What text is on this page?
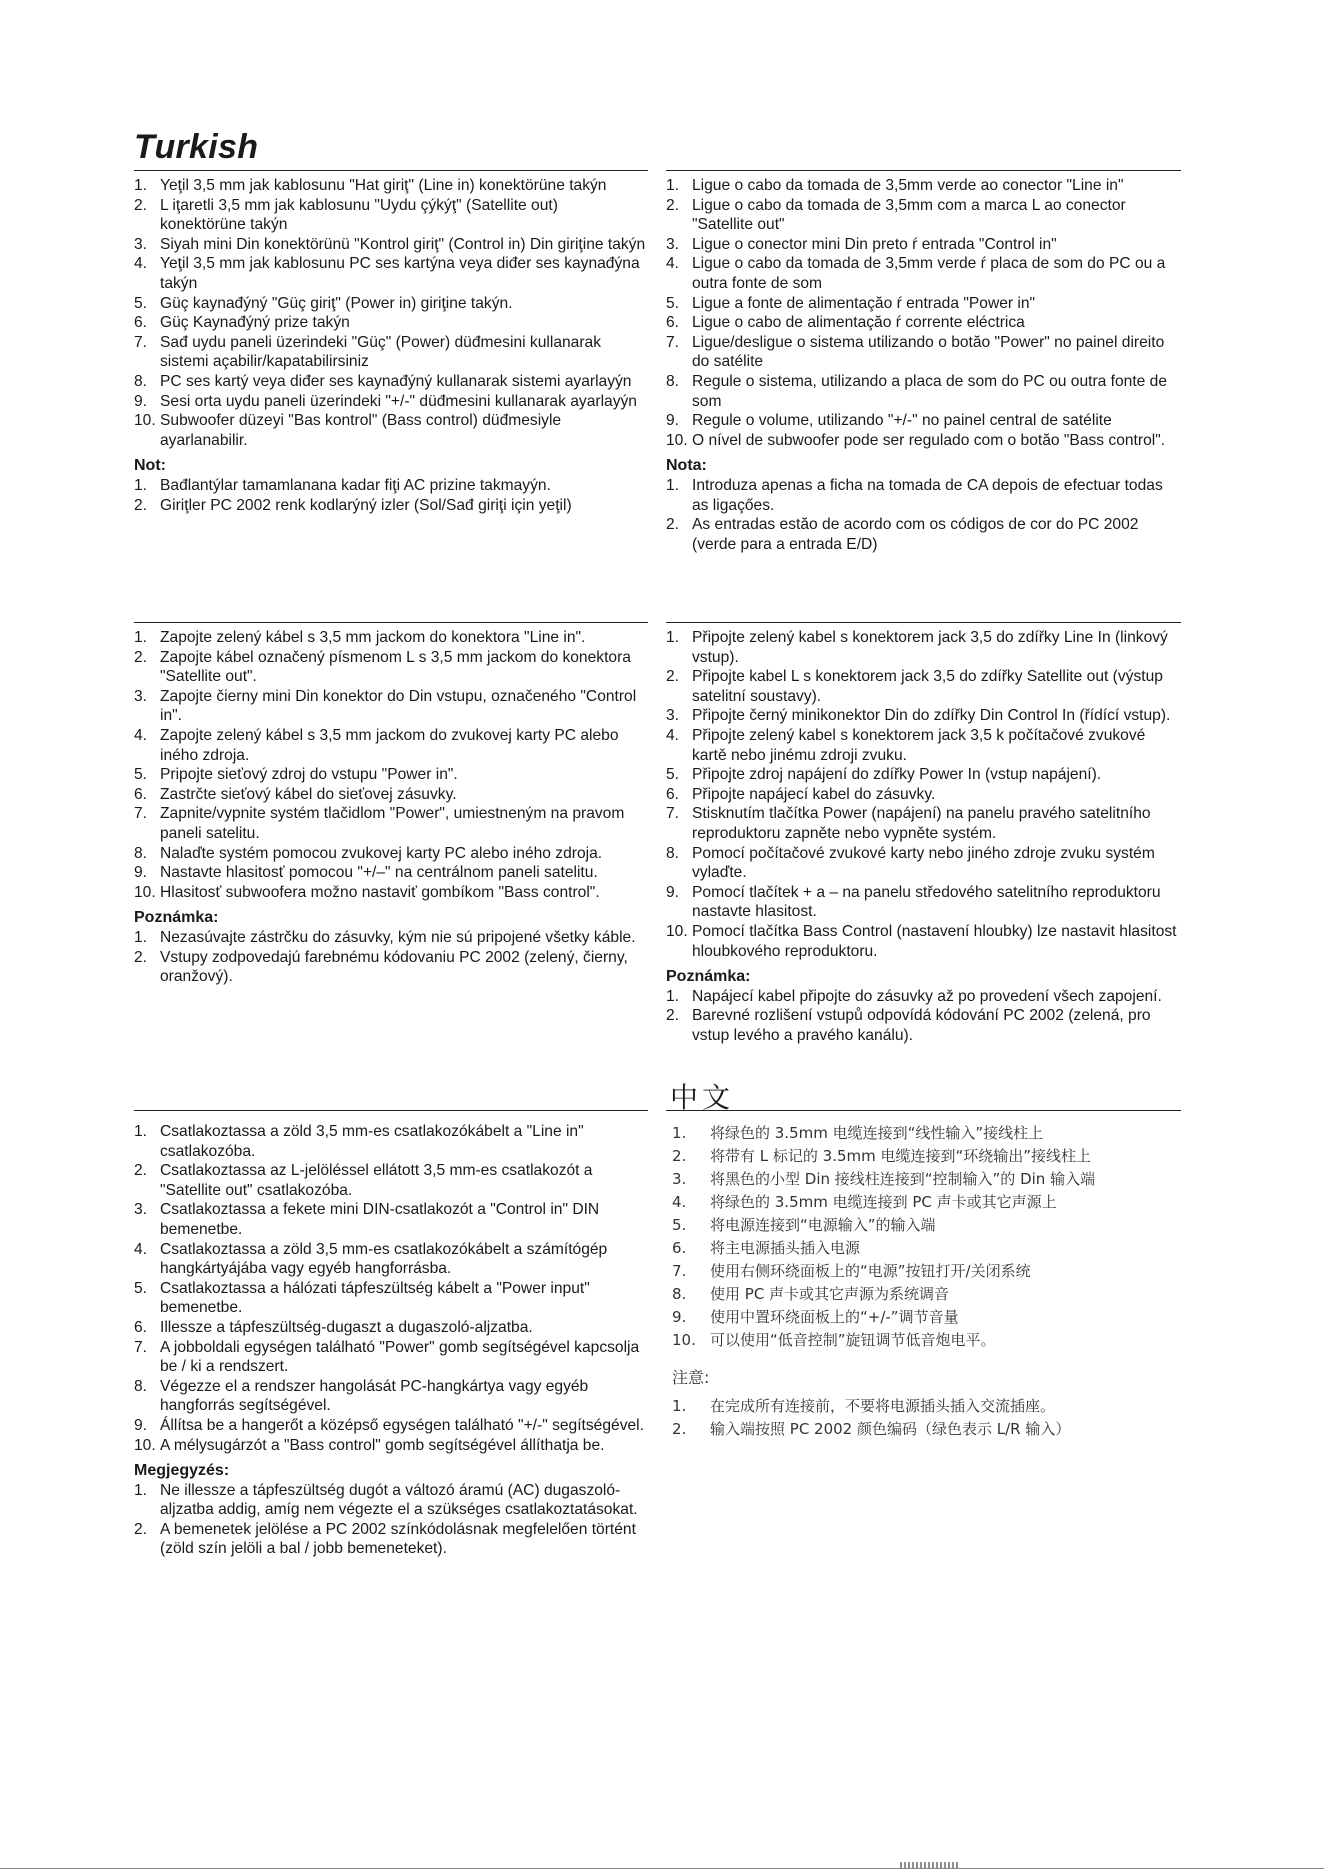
Turkish
1. Yeţil 3,5 mm jak kablosunu "Hat giriţ" (Line in) konektörüne takýn
2. L iţaretli 3,5 mm jak kablosunu "Uydu çýkýţ" (Satellite out) konektörüne takýn
3. Siyah mini Din konektörünü "Kontrol giriţ" (Control in) Din giriţine takýn
4. Yeţil 3,5 mm jak kablosunu PC ses kartýna veya diđer ses kaynađýna takýn
5. Güç kaynađýný "Güç giriţ" (Power in) giriţine takýn.
6. Güç Kaynađýný prize takýn
7. Sađ uydu paneli üzerindeki "Güç" (Power) düđmesini kullanarak sistemi açabilir/kapatabilirsiniz
8. PC ses kartý veya diđer ses kaynađýný kullanarak sistemi ayarlayýn
9. Sesi orta uydu paneli üzerindeki "+/-" düđmesini kullanarak ayarlayýn
10. Subwoofer düzeyi "Bas kontrol" (Bass control) düđmesiyle ayarlanabilir.
Not:
1. Bađlantýlar tamamlanana kadar fiţi AC prizine takmayýn.
2. Giriţler PC 2002 renk kodlarýný izler (Sol/Sađ giriţi için yeţil)
1. Ligue o cabo da tomada de 3,5mm verde ao conector "Line in"
2. Ligue o cabo da tomada de 3,5mm com a marca L ao conector "Satellite out"
3. Ligue o conector mini Din preto ŕ entrada "Control in"
4. Ligue o cabo da tomada de 3,5mm verde ŕ placa de som do PC ou a outra fonte de som
5. Ligue a fonte de alimentaçăo ŕ entrada "Power in"
6. Ligue o cabo de alimentaçăo ŕ corrente eléctrica
7. Ligue/desligue o sistema utilizando o botăo "Power" no painel direito do satélite
8. Regule o sistema, utilizando a placa de som do PC ou outra fonte de som
9. Regule o volume, utilizando "+/-" no painel central de satélite
10. O nível de subwoofer pode ser regulado com o botăo "Bass control".
Nota:
1. Introduza apenas a ficha na tomada de CA depois de efectuar todas as ligaçőes.
2. As entradas estăo de acordo com os códigos de cor do PC 2002 (verde para a entrada E/D)
1. Zapojte zelený kábel s 3,5 mm jackom do konektora "Line in".
2. Zapojte kábel označený písmenom L s 3,5 mm jackom do konektora "Satellite out".
3. Zapojte čierny mini Din konektor do Din vstupu, označeného "Control in".
4. Zapojte zelený kábel s 3,5 mm jackom do zvukovej karty PC alebo iného zdroja.
5. Pripojte sieťový zdroj do vstupu "Power in".
6. Zastrčte sieťový kábel do sieťovej zásuvky.
7. Zapnite/vypnite systém tlačidlom "Power", umiestneným na pravom paneli satelitu.
8. Nalaďte systém pomocou zvukovej karty PC alebo iného zdroja.
9. Nastavte hlasitosť pomocou "+/–" na centrálnom paneli satelitu.
10. Hlasitosť subwoofera možno nastaviť gombíkom "Bass control".
Poznámka:
1. Nezasúvajte zástrčku do zásuvky, kým nie sú pripojené všetky káble.
2. Vstupy zodpovedajú farebnému kódovaniu PC 2002 (zelený, čierny, oranžový).
1. Připojte zelený kabel s konektorem jack 3,5 do zdířky Line In (linkový vstup).
2. Připojte kabel L s konektorem jack 3,5 do zdířky Satellite out (výstup satelitní soustavy).
3. Připojte černý minikonektor Din do zdířky Din Control In (řídící vstup).
4. Připojte zelený kabel s konektorem jack 3,5 k počítačové zvukové kartě nebo jinému zdroji zvuku.
5. Připojte zdroj napájení do zdířky Power In (vstup napájení).
6. Připojte napájecí kabel do zásuvky.
7. Stisknutím tlačítka Power (napájení) na panelu pravého satelitního reproduktoru zapněte nebo vypněte systém.
8. Pomocí počítačové zvukové karty nebo jiného zdroje zvuku systém vylaďte.
9. Pomocí tlačítek + a – na panelu středového satelitního reproduktoru nastavte hlasitost.
10. Pomocí tlačítka Bass Control (nastavení hloubky) lze nastavit hlasitost hloubkového reproduktoru.
Poznámka:
1. Napájecí kabel připojte do zásuvky až po provedení všech zapojení.
2. Barevné rozlišení vstupů odpovídá kódování PC 2002 (zelená, pro vstup levého a pravého kanálu).
中文
1. Csatlakoztassa a zöld 3,5 mm-es csatlakozókábelt a "Line in" csatlakozóba.
2. Csatlakoztassa az L-jelöléssel ellátott 3,5 mm-es csatlakozót a "Satellite out" csatlakozóba.
3. Csatlakoztassa a fekete mini DIN-csatlakozót a "Control in" DIN bemenetbe.
4. Csatlakoztassa a zöld 3,5 mm-es csatlakozókábelt a számítógép hangkártyájába vagy egyéb hangforrásba.
5. Csatlakoztassa a hálózati tápfeszültség kábelt a "Power input" bemenetbe.
6. Illessze a tápfeszültség-dugaszt a dugaszoló-aljzatba.
7. A jobboldali egységen található "Power" gomb segítségével kapcsolja be / ki a rendszert.
8. Végezze el a rendszer hangolását PC-hangkártya vagy egyéb hangforrás segítségével.
9. Állítsa be a hangerőt a középső egységen található "+/-" segítségével.
10. A mélysugárzót a "Bass control" gomb segítségével állíthatja be.
Megjegyzés:
1. Ne illessze a tápfeszültség dugót a változó áramú (AC) dugaszoló-aljzatba addig, amíg nem végezte el a szükséges csatlakoztatásokat.
2. A bemenetek jelölése a PC 2002 színkódolásnak megfelelően történt (zöld szín jelöli a bal / jobb bemeneteket).
1. 将绿色的 3.5mm 电缆连接到“线性输入”接线柱上
2. 将带有 L 标记的 3.5mm 电缆连接到“环绕输出”接线柱上
3. 将黑色的小型 Din 接线柱连接到“控制输入”的 Din 输入端
4. 将绿色的 3.5mm 电缆连接到 PC 声卡或其它声源上
5. 将电源连接到“电源输入”的输入端
6. 将主电源插头插入电源
7. 使用右侧环绕面板上的“电源”按钮打开/关闭系统
8. 使用 PC 声卡或其它声源为系统调音
9. 使用中置环绕面板上的“+/-”调节音量
10. 可以使用“低音控制”旋钮调节低音炮电平。
注意:
1. 在完成所有连接前，不要将电源插头插入交流插座。
2. 输入端按照 PC 2002 颜色编码（绿色表示 L/R 输入）
